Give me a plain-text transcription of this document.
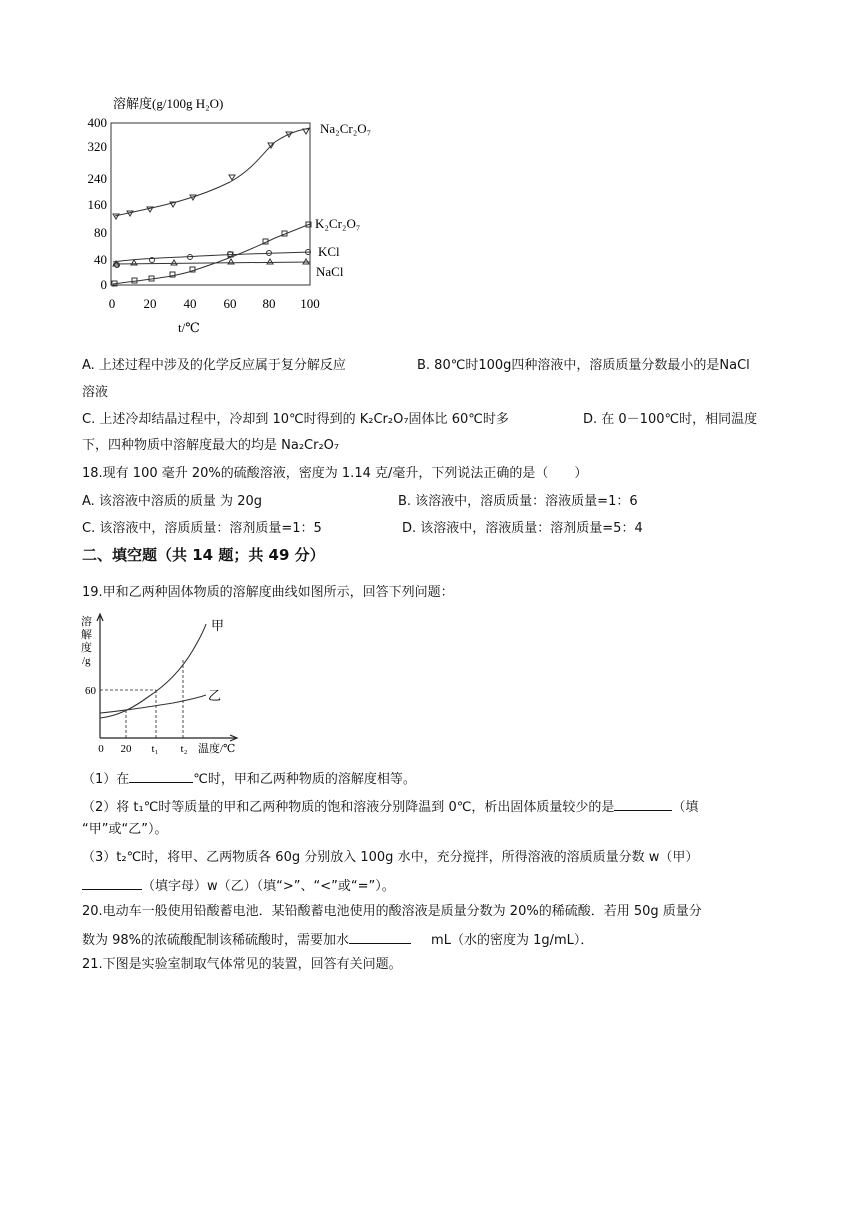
溶解度(g/100g H₂O)
400
320
240
160
80
40
0
0 20 40 60 80 100
t/℃
Na₂Cr₂O₇
K₂Cr₂O₇
KCl
NaCl
A. 上述过程中涉及的化学反应属于复分解反应	B. 80℃时100g四种溶液中，溶质质量分数最小的是NaCl
溶液
C. 上述冷却结晶过程中，冷却到 10℃时得到的 K₂Cr₂O₇固体比 60℃时多	D. 在 0－100℃时，相同温度
下，四种物质中溶解度最大的均是 Na₂Cr₂O₇
18.现有 100 毫升 20%的硫酸溶液，密度为 1.14 克/毫升，下列说法正确的是（　　）
A. 该溶液中溶质的质量 为 20g	B. 该溶液中，溶质质量：溶液质量=1：6
C. 该溶液中，溶质质量：溶剂质量=1：5	D. 该溶液中，溶液质量：溶剂质量=5：4
二、填空题（共 14 题；共 49 分）
19.甲和乙两种固体物质的溶解度曲线如图所示，回答下列问题：
溶
解
度
/g
60
0 20 t₁ t₂ 温度/℃
甲
乙
（1）在	℃时，甲和乙两种物质的溶解度相等。
（2）将 t₁℃时等质量的甲和乙两种物质的饱和溶液分别降温到 0℃，析出固体质量较少的是	（填
“甲”或“乙”）。
（3）t₂℃时，将甲、乙两物质各 60g 分别放入 100g 水中，充分搅拌，所得溶液的溶质质量分数 w（甲）
（填字母）w（乙）（填“>”、“<”或“=”）。
20.电动车一般使用铅酸蓄电池．某铅酸蓄电池使用的酸溶液是质量分数为 20%的稀硫酸．若用 50g 质量分
数为 98%的浓硫酸配制该稀硫酸时，需要加水	mL（水的密度为 1g/mL）．
21.下图是实验室制取气体常见的装置，回答有关问题。
